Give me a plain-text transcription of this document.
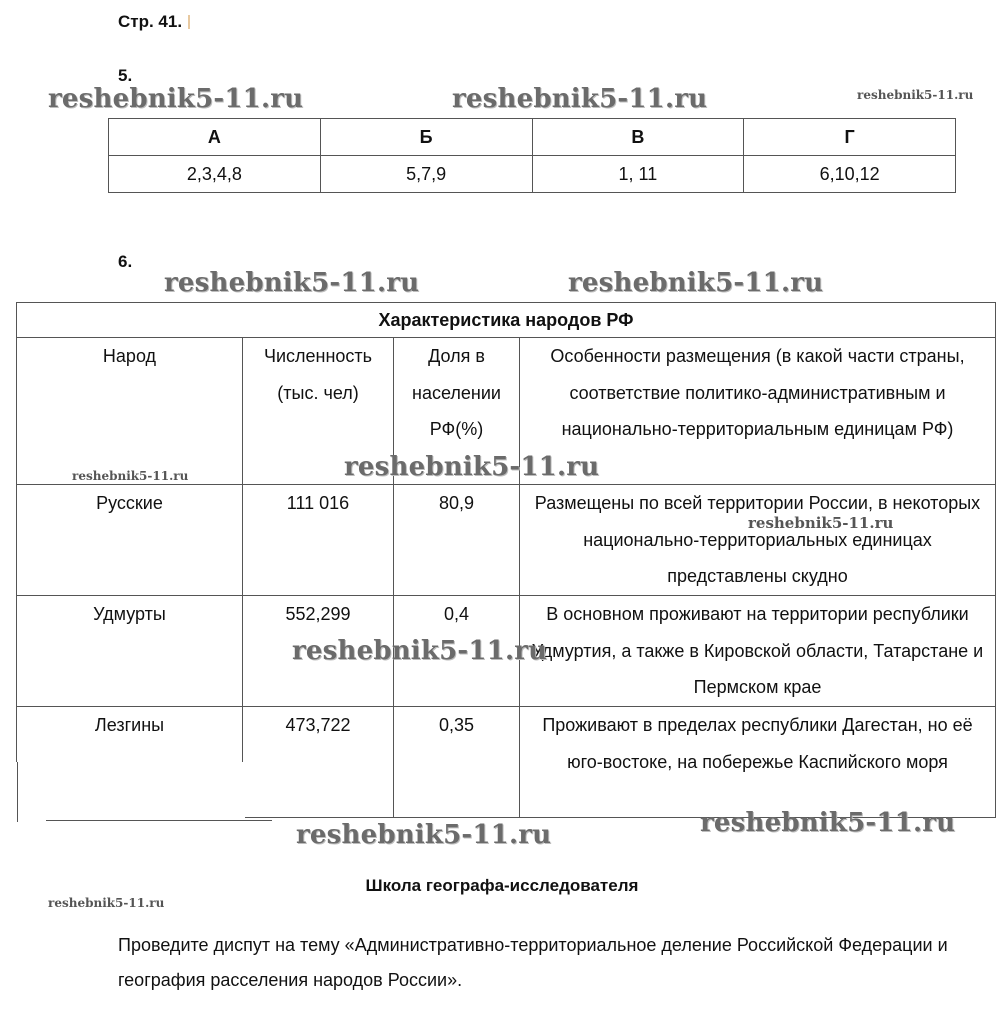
Стр. 41.
5.
А	Б	В	Г
2,3,4,8	5,7,9	1, 11	6,10,12
6.
Характеристика народов РФ			
Народ	Численность (тыс. чел)	Доля в населении РФ(%)	Особенности размещения (в какой части страны, соответствие политико-административным и национально-территориальным единицам РФ)
Русские	111 016	80,9	Размещены по всей территории России, в некоторых национально-территориальных единицах представлены скудно
Удмурты	552,299	0,4	В основном проживают на территории республики Удмуртия, а также в Кировской области, Татарстане и Пермском крае
Лезгины	473,722	0,35	Проживают в пределах республики Дагестан, но её юго-востоке, на побережье Каспийского моря
Школа географа-исследователя
Проведите диспут на тему «Административно-территориальное деление Российской Федерации и география расселения народов России».
reshebnik5-11.ru	reshebnik5-11.ru	reshebnik5-11.ru
reshebnik5-11.ru	reshebnik5-11.ru
reshebnik5-11.ru	reshebnik5-11.ru
reshebnik5-11.ru
reshebnik5-11.ru
reshebnik5-11.ru	reshebnik5-11.ru
reshebnik5-11.ru
